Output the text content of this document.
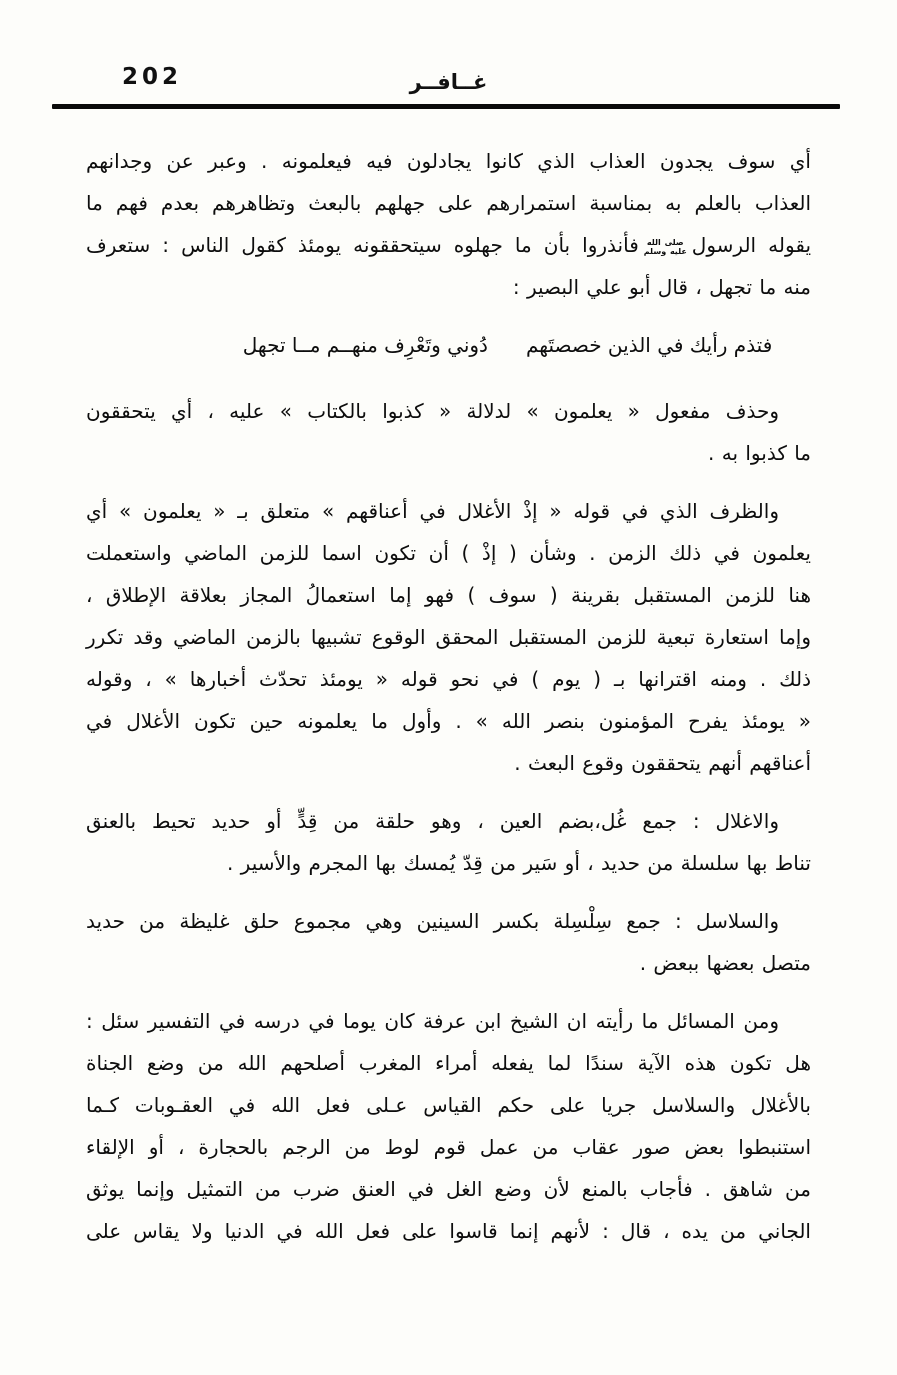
202	غــافــر
أي سوف يجدون العذاب الذي كانوا يجادلون فيه فيعلمونه . وعبر عن وجدانهم
العذاب بالعلم به بمناسبة استمرارهم على جهلهم بالبعث وتظاهرهم بعدم فهم ما
يقوله الرسول
صلى الله
عليه وسلم
فأنذروا بأن ما جهلوه سيتحققونه يومئذ كقول الناس : ستعرف
منه ما تجهل ، قال أبو علي البصير :
فتذم رأيك في الذين خصصتَهم
دُوني وتَعْرِف منهــم مــا تجهل
وحذف مفعول « يعلمون » لدلالة « كذبوا بالكتاب » عليه ، أي يتحققون
ما كذبوا به .
والظرف الذي في قوله « إذْ الأغلال في أعناقهم » متعلق بـ « يعلمون » أي
يعلمون في ذلك الزمن . وشأن ( إذْ ) أن تكون اسما للزمن الماضي واستعملت
هنا للزمن المستقبل بقرينة ( سوف ) فهو إما استعمالُ المجاز بعلاقة الإطلاق ،
وإما استعارة تبعية للزمن المستقبل المحقق الوقوع تشبيها بالزمن الماضي وقد تكرر
ذلك . ومنه اقترانها بـ ( يوم ) في نحو قوله « يومئذ تحدّث أخبارها » ، وقوله
« يومئذ يفرح المؤمنون بنصر الله » . وأول ما يعلمونه حين تكون الأغلال في
أعناقهم أنهم يتحققون وقوع البعث .
والاغلال : جمع غُل،بضم العين ، وهو حلقة من قِدٍّ أو حديد تحيط بالعنق
تناط بها سلسلة من حديد ، أو سَير من قِدّ يُمسك بها المجرم والأسير .
والسلاسل : جمع سِلْسِلة بكسر السينين وهي مجموع حلق غليظة من حديد
متصل بعضها ببعض .
ومن المسائل ما رأيته ان الشيخ ابن عرفة كان يوما في درسه في التفسير سئل :
هل تكون هذه الآية سندًا لما يفعله أمراء المغرب أصلحهم الله من وضع الجناة
بالأغلال والسلاسل جريا على حكم القياس عـلى فعل الله في العقـوبات كـما
استنبطوا بعض صور عقاب من عمل قوم لوط من الرجم بالحجارة ، أو الإلقاء
من شاهق . فأجاب بالمنع لأن وضع الغل في العنق ضرب من التمثيل وإنما يوثق
الجاني من يده ، قال : لأنهم إنما قاسوا على فعل الله في الدنيا ولا يقاس على
